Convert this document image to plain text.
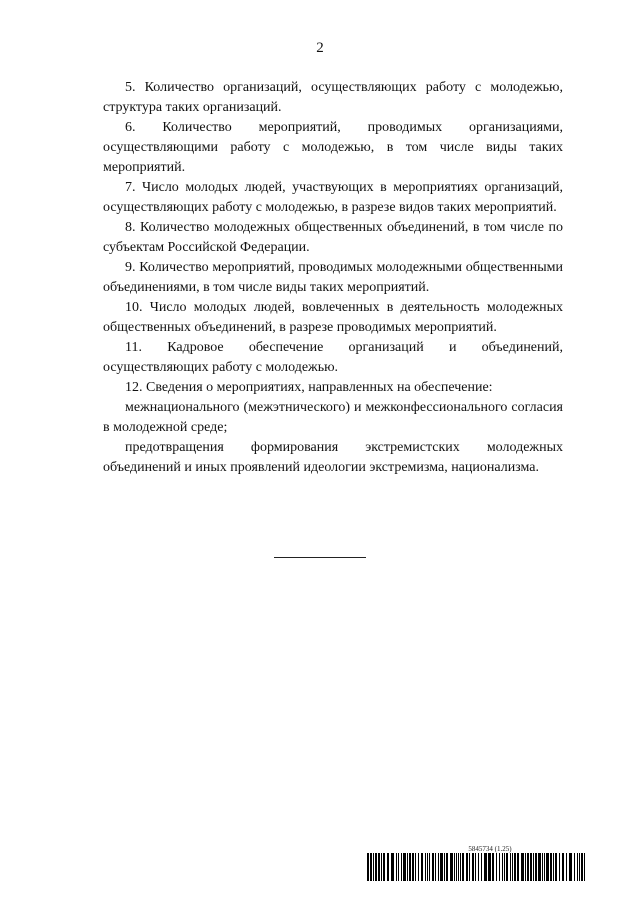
2

5. Количество организаций, осуществляющих работу с молодежью, структура таких организаций.

6. Количество мероприятий, проводимых организациями, осуществляющими работу с молодежью, в том числе виды таких мероприятий.

7. Число молодых людей, участвующих в мероприятиях организаций, осуществляющих работу с молодежью, в разрезе видов таких мероприятий.

8. Количество молодежных общественных объединений, в том числе по субъектам Российской Федерации.

9. Количество мероприятий, проводимых молодежными общественными объединениями, в том числе виды таких мероприятий.

10. Число молодых людей, вовлеченных в деятельность молодежных общественных объединений, в разрезе проводимых мероприятий.

11. Кадровое обеспечение организаций и объединений, осуществляющих работу с молодежью.

12. Сведения о мероприятиях, направленных на обеспечение:

межнационального (межэтнического) и межконфессионального согласия в молодежной среде;

предотвращения формирования экстремистских молодежных объединений и иных проявлений идеологии экстремизма, национализма.

5845734 (1.25)
